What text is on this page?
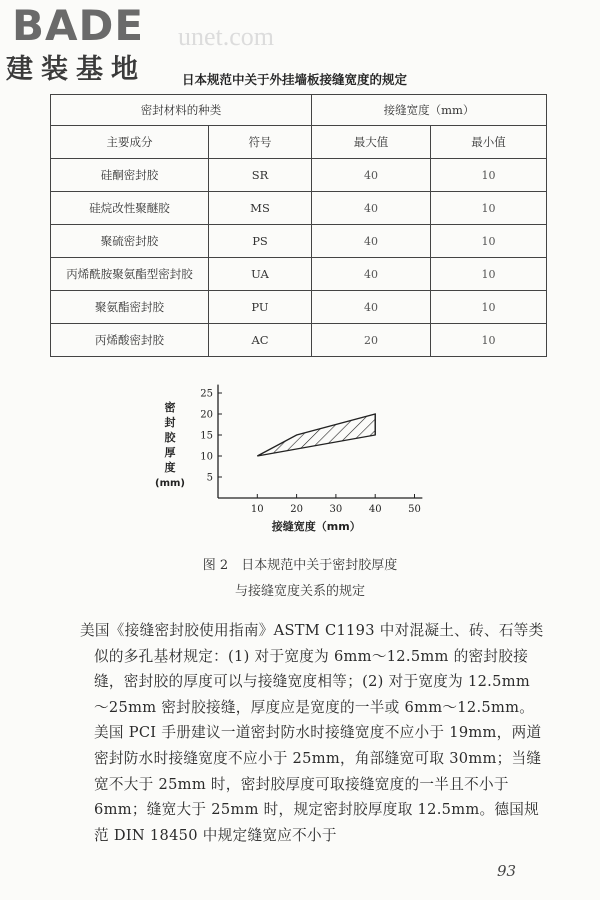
BADE
建装基地
unet.com
日本规范中关于外挂墙板接缝宽度的规定
密封材料的种类		接缝宽度（mm）	
主要成分	符号	最大值	最小值
硅酮密封胶	SR	40	10
硅烷改性聚醚胶	MS	40	10
聚硫密封胶	PS	40	10
丙烯酰胺聚氨酯型密封胶	UA	40	10
聚氨酯密封胶	PU	40	10
丙烯酸密封胶	AC	20	10
10	20	30	40	50
5
10
15
20
25
密
封
胶
厚
度
(mm)
接缝宽度（mm）
图 2　日本规范中关于密封胶厚度
与接缝宽度关系的规定

美国《接缝密封胶使用指南》ASTM C1193 中对混凝土、砖、石等类似的多孔基材规定：(1) 对于宽度为 6mm～12.5mm 的密封胶接缝，密封胶的厚度可以与接缝宽度相等；(2) 对于宽度为 12.5mm～25mm 密封胶接缝，厚度应是宽度的一半或 6mm～12.5mm。美国 PCI 手册建议一道密封防水时接缝宽度不应小于 19mm，两道密封防水时接缝宽度不应小于 25mm，角部缝宽可取 30mm；当缝宽不大于 25mm 时，密封胶厚度可取接缝宽度的一半且不小于 6mm；缝宽大于 25mm 时，规定密封胶厚度取 12.5mm。德国规范 DIN 18450 中规定缝宽应不小于

93
